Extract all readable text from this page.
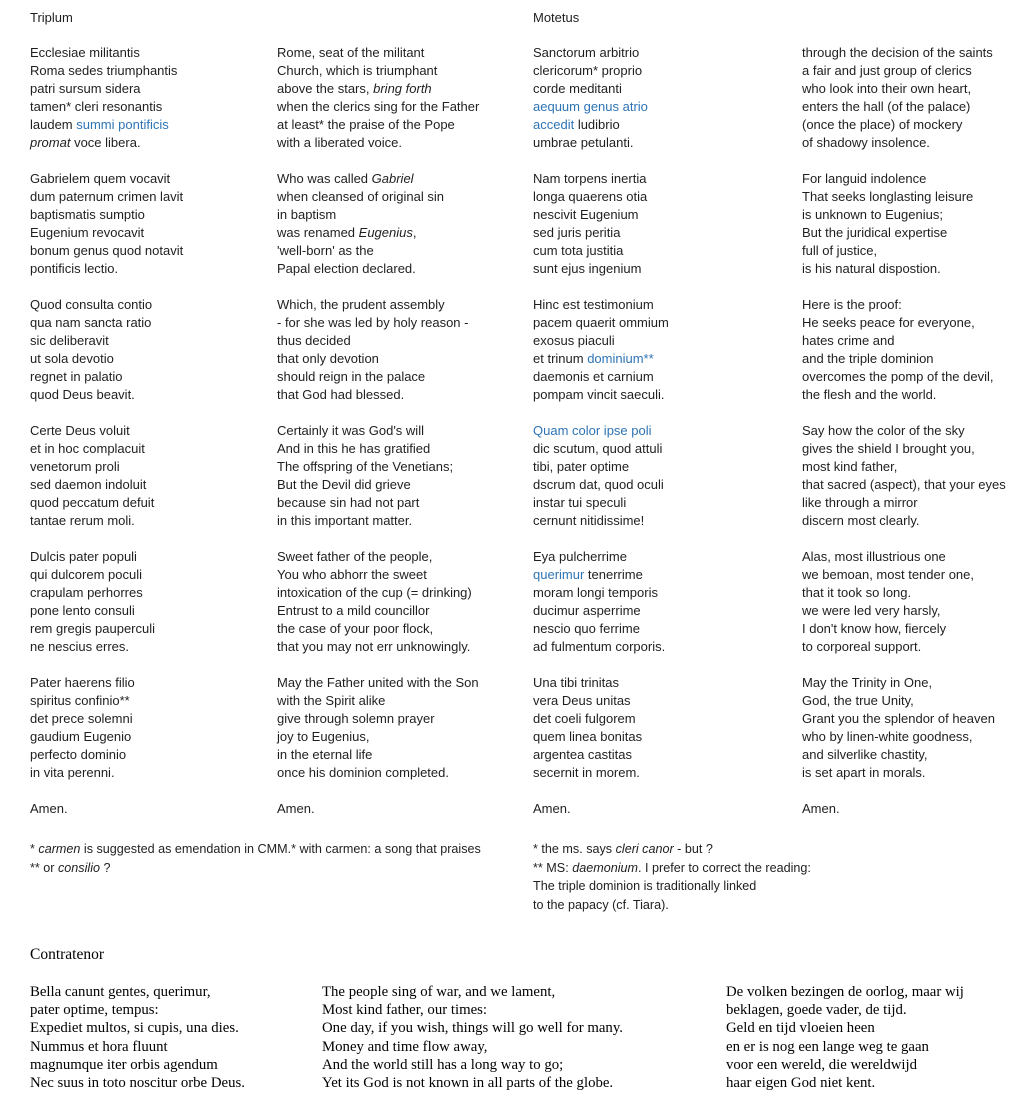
Triplum	Motetus
Ecclesiae militantis
Roma sedes triumphantis
patri sursum sidera
tamen* cleri resonantis
laudem summi pontificis
promat voce libera.
Gabrielem quem vocavit
dum paternum crimen lavit
baptismatis sumptio
Eugenium revocavit
bonum genus quod notavit
pontificis lectio.
Quod consulta contio
qua nam sancta ratio
sic deliberavit
ut sola devotio
regnet in palatio
quod Deus beavit.
Certe Deus voluit
et in hoc complacuit
venetorum proli
sed daemon indoluit
quod peccatum defuit
tantae rerum moli.
Dulcis pater populi
qui dulcorem poculi
crapulam perhorres
pone lento consuli
rem gregis pauperculi
ne nescius erres.
Pater haerens filio
spiritus confinio**
det prece solemni
gaudium Eugenio
perfecto dominio
in vita perenni.
Amen.
Rome, seat of the militant
Church, which is triumphant
above the stars, bring forth
when the clerics sing for the Father
at least* the praise of the Pope
with a liberated voice.
Who was called Gabriel
when cleansed of original sin
in baptism
was renamed Eugenius,
'well-born' as the
Papal election declared.
Which, the prudent assembly
- for she was led by holy reason -
thus decided
that only devotion
should reign in the palace
that God had blessed.
Certainly it was God's will
And in this he has gratified
The offspring of the Venetians;
But the Devil did grieve
because sin had not part
in this important matter.
Sweet father of the people,
You who abhorr the sweet
intoxication of the cup (= drinking)
Entrust to a mild councillor
the case of your poor flock,
that you may not err unknowingly.
May the Father united with the Son
with the Spirit alike
give through solemn prayer
joy to Eugenius,
in the eternal life
once his dominion completed.
Amen.
Sanctorum arbitrio
clericorum* proprio
corde meditanti
aequum genus atrio
accedit ludibrio
umbrae petulanti.
Nam torpens inertia
longa quaerens otia
nescivit Eugenium
sed juris peritia
cum tota justitia
sunt ejus ingenium
Hinc est testimonium
pacem quaerit ommium
exosus piaculi
et trinum dominium**
daemonis et carnium
pompam vincit saeculi.
Quam color ipse poli
dic scutum, quod attuli
tibi, pater optime
dscrum dat, quod oculi
instar tui speculi
cernunt nitidissime!
Eya pulcherrime
querimur tenerrime
moram longi temporis
ducimur asperrime
nescio quo ferrime
ad fulmentum corporis.
Una tibi trinitas
vera Deus unitas
det coeli fulgorem
quem linea bonitas
argentea castitas
secernit in morem.
Amen.
through the decision of the saints
a fair and just group of clerics
who look into their own heart,
enters the hall (of the palace)
(once the place) of mockery
of shadowy insolence.
For languid indolence
That seeks longlasting leisure
is unknown to Eugenius;
But the juridical expertise
full of justice,
is his natural dispostion.
Here is the proof:
He seeks peace for everyone,
hates crime and
and the triple dominion
overcomes the pomp of the devil,
the flesh and the world.
Say how the color of the sky
gives the shield I brought you,
most kind father,
that sacred (aspect), that your eyes
like through a mirror
discern most clearly.
Alas, most illustrious one
we bemoan, most tender one,
that it took so long.
we were led very harsly,
I don't know how, fiercely
to corporeal support.
May the Trinity in One,
God, the true Unity,
Grant you the splendor of heaven
who by linen-white goodness,
and silverlike chastity,
is set apart in morals.
Amen.
* carmen is suggested as emendation in CMM.* with carmen: a song that praises
** or consilio ?
* the ms. says cleri canor - but ?
** MS: daemonium. I prefer to correct the reading:
The triple dominion is traditionally linked
to the papacy (cf. Tiara).
Contratenor
Bella canunt gentes, querimur,
pater optime, tempus:
Expediet multos, si cupis, una dies.
Nummus et hora fluunt
magnumque iter orbis agendum
Nec suus in toto noscitur orbe Deus.
The people sing of war, and we lament,
Most kind father, our times:
One day, if you wish, things will go well for many.
Money and time flow away,
And the world still has a long way to go;
Yet its God is not known in all parts of the globe.
De volken bezingen de oorlog, maar wij
beklagen, goede vader, de tijd.
Geld en tijd vloeien heen
en er is nog een lange weg te gaan
voor een wereld, die wereldwijd
haar eigen God niet kent.
